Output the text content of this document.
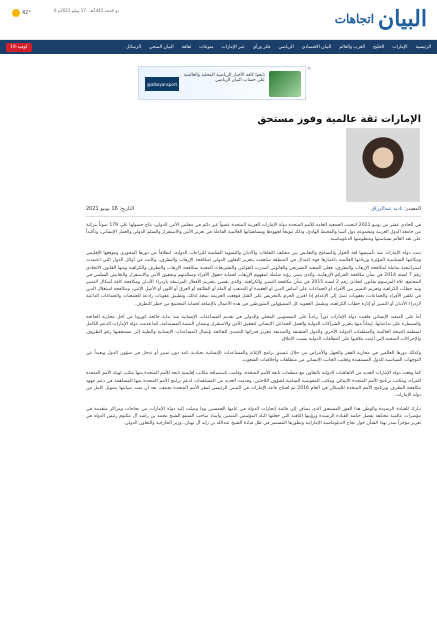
42°	6 ذو الحجة 1442هـ - 17 يوليو 2021م
اتجاهات البيان
الرئيسية
الإمارات
الخليج
العرب والعالم
البيان الاقتصادي
الرياضي
فكر ورأي
عبر الإمارات
منوعات
ثقافة
البيان الصحي
الرسائل
كوفيد-19
@albayansport
تابعوا كافة الأخبار الرياضية المحلية والعالمية على حساب البيان الرياضي
×
الإمارات ثقة عالمية وفوز مستحق
المصدر: نادية عبدالرزاق
التاريخ: 16 يونيو 2021

في الحادي عشر من يونيو 2021 انتخبت الجمعية العامة للأمم المتحدة دولة الإمارات العربية المتحدة عضواً غير دائم في مجلس الأمن الدولي، نتاج حصولها على 179 صوتاً بتزكية من جامعة الدول العربية ومجموعة دول آسيا والمحيط الهادئ، وذلك تتويجاً لجهودها ومساهماتها العالمية الفاعلة في تعزيز الأمن والاستقرار والسلم الدولي والعمل الإنساني، وتأكيداً على ثقة العالم بسياستها ومنظومتها الدبلوماسية.

تبنت دولة الإمارات منذ تأسيسها لغة الحوار والتسامح والتعايش بين مختلف الثقافات والأديان والتسوية السلمية للنزاعات الدولية، انطلاقاً من دورها المحوري وموقعها الإقليمي ومكانتها السياسية المؤثرة وريادتها العالمية باعتبارها قوة اعتدال في المنطقة ساهمت بتعزيز التعاون الدولي لمكافحة الإرهاب والتطرف، وكانت من أوائل الدول التي اعتمدت استراتيجية شاملة لمكافحة الإرهاب والتطرف، فعلى الصعيد التشريعي والقانوني أصدرت القوانين والتشريعات المعنية بمكافحة الإرهاب والتطرف والكراهية ومنها القانون الاتحادي رقم 7 لسنة 2014 في شأن مكافحة الجرائم الإرهابية، والذي يتبنى رؤية شاملة لمفهوم الإرهاب لحماية حقوق الأفراد وسلامتهم وتحقيق الأمن والاستقرار والتعايش السلمي في المجتمع، تلاه المرسوم بقانون اتحادي رقم 2 لسنة 2015 في شأن مكافحة التمييز والكراهية، والذي يقضي بتجريم الأفعال المرتبطة بازدراء الأديان ومكافحة كافة أشكال التمييز ونبذ خطاب الكراهية وتجريم التمييز بين الأفراد أو الجماعات على أساس الدين أو العقيدة أو المذهب أو الملة أو الطائفة أو العرق أو اللون أو الأصل الإثني، ومكافحة استغلال الدين في تكفير الأفراد والجماعات، بعقوبات تصل إلى الإعدام إذا اقترن الجرم بالتحريض على القتل فوقعت الجريمة نتيجة لذلك، وتطبيق عقوبات رادعة للجمعيات والجماعات الداعية لازدراء الأديان أو التمييز أو إثارة خطاب الكراهية، وتشمل العقوبة كل المسؤولين المتورطين في هذه الأعمال بالإضافة لحماية المجتمع من خطر التطرف.

أما على الصعيد الإنساني فلعبت دولة الإمارات دوراً ريادياً على المستويين المحلي والدولي في تقديم المساعدات الإنسانية منذ بداية جائحة كورونا من أجل محاربة الجائحة والسيطرة على تداعياتها، إيماناً منها بتعزيز الشراكات الدولية والعمل الجماعي الإنساني لتحقيق الأمن والاستقرار وضمان التنمية المستدامة، كما قدمت دولة الإمارات الدعم الكامل لمنظمة الصحة العالمية والمنظمات الدولية الأخرى والدول الشقيقة والصديقة بتعزيز قدراتها للتصدي للجائحة بإيصال المساعدات الإنسانية والطبية إلى مستحقيها رغم الظروف والإجراءات الصحية التي أثبتت بتلاقيها على النطاقات الدولية بسبب الإغلاق.

وكذلك دورها العالمي في محاربة الفقر والجهل والأمراض من خلال تنسيق برامج الإغاثة والمساعدات الإنسانية بحيادية تامة دون تمييز أو تدخل في شؤون الدول وبعيداً عن التوجهات السياسية للدول المستفيدة وتغليب الجانب الإنساني من منطلقات وأخلاقيات الشعوب.

كما وقعت دولة الإمارات العديد من الاتفاقيات الدولية بالتعاون مع منظمات تابعة للأمم المتحدة، وقامت باستضافة مكاتب إقليمية تابعة للأمم المتحدة منها مكتب لهيئة الأمم المتحدة للمرأة، ومكتب برنامج الأمم المتحدة الإنمائي ومكتب المفوضية السامية لشؤون اللاجئين، وقدمت العديد من المساهمات لدعم برامج الأمم المتحدة منها المساهمة في دعم جهود مكافحة التطرف وبرنامج الأمم المتحدة للإسكان في العام 2016 تم افتتاح قاعة الإمارات في المبنى الرئيسي لمقر الأمم المتحدة بجنيف، بعد أن تمت صيانتها بتمويل كامل من دولة الإمارات.

نبارك للقيادة الرشيدة والوطن هذا الفوز المستحق الذي يضاف إلى قائمة إنجازات الدولة في عامها الخمسين وما وصلت إليه دولة الإمارات من نجاحات ومراكز متقدمة في مؤشرات عالمية مختلفة بفضل حكمة القيادة الرشيدة ورؤيتها الثاقبة التي جعلتها البلد المؤسس المتميز، وأشاد صاحب السمو الشيخ محمد بن راشد آل مكتوم رئيس الدولة في تقرير مؤخراً صدر بهذا الشأن حول نجاح الدبلوماسية الإماراتية وتطورها المستمر في ظل قيادة الشيخ عبدالله بن زايد آل نهيان، وزير الخارجية والتعاون الدولي.
